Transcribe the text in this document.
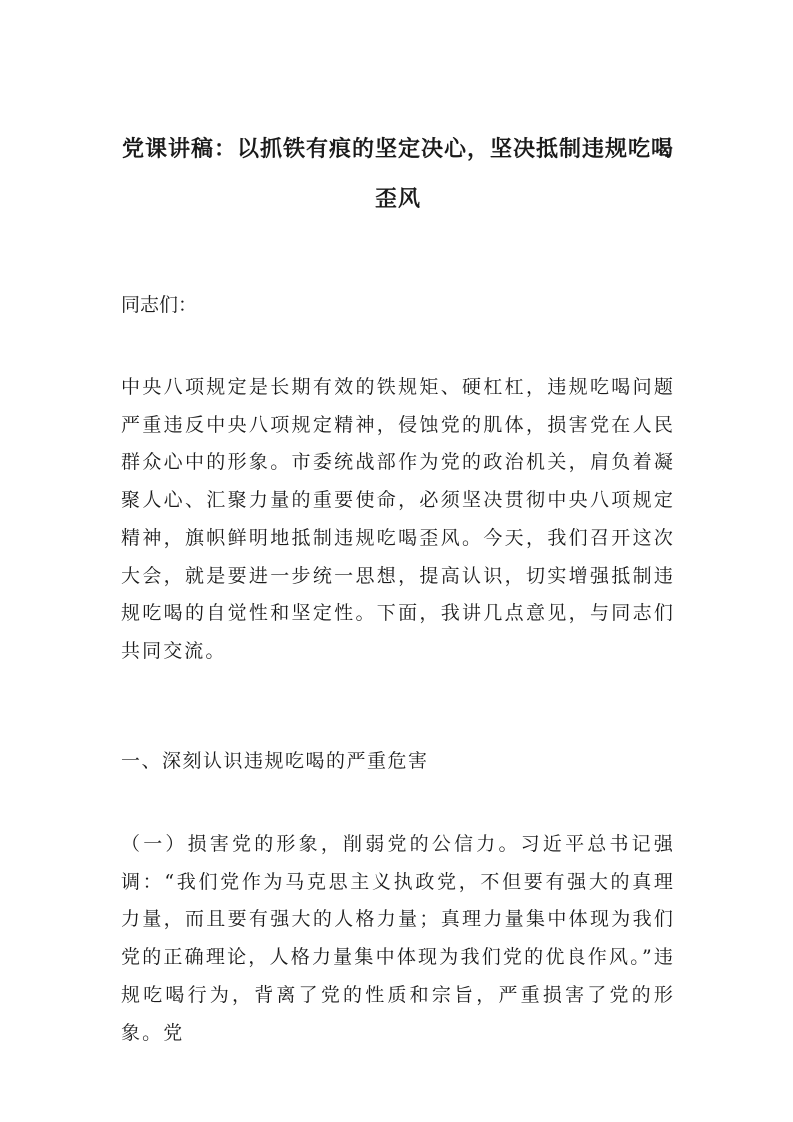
党课讲稿：以抓铁有痕的坚定决心，坚决抵制违规吃喝歪风
同志们：
中央八项规定是长期有效的铁规矩、硬杠杠，违规吃喝问题严重违反中央八项规定精神，侵蚀党的肌体，损害党在人民群众心中的形象。市委统战部作为党的政治机关，肩负着凝聚人心、汇聚力量的重要使命，必须坚决贯彻中央八项规定精神，旗帜鲜明地抵制违规吃喝歪风。今天，我们召开这次大会，就是要进一步统一思想，提高认识，切实增强抵制违规吃喝的自觉性和坚定性。下面，我讲几点意见，与同志们共同交流。
一、深刻认识违规吃喝的严重危害
（一）损害党的形象，削弱党的公信力。习近平总书记强调：“我们党作为马克思主义执政党，不但要有强大的真理力量，而且要有强大的人格力量；真理力量集中体现为我们党的正确理论，人格力量集中体现为我们党的优良作风。”违规吃喝行为，背离了党的性质和宗旨，严重损害了党的形象。党
